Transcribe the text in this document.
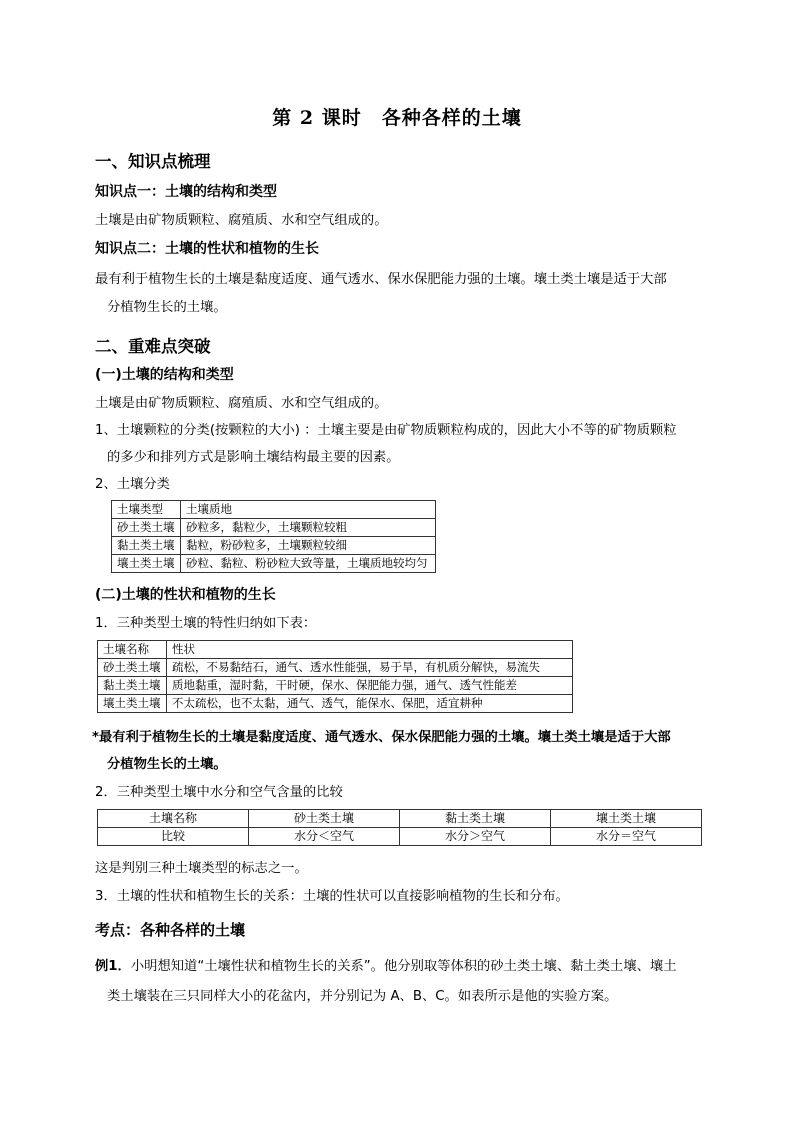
第 2 课时　各种各样的土壤
一、知识点梳理
知识点一：土壤的结构和类型
土壤是由矿物质颗粒、腐殖质、水和空气组成的。
知识点二：土壤的性状和植物的生长
最有利于植物生长的土壤是黏度适度、通气透水、保水保肥能力强的土壤。壤土类土壤是适于大部
分植物生长的土壤。
二、重难点突破
(一)土壤的结构和类型
土壤是由矿物质颗粒、腐殖质、水和空气组成的。
1、土壤颗粒的分类(按颗粒的大小) ：土壤主要是由矿物质颗粒构成的，因此大小不等的矿物质颗粒
的多少和排列方式是影响土壤结构最主要的因素。
2、土壤分类
土壤类型	土壤质地
砂土类土壤	砂粒多，黏粒少，土壤颗粒较粗
黏土类土壤	黏粒，粉砂粒多，土壤颗粒较细
壤土类土壤	砂粒、黏粒、粉砂粒大致等量，土壤质地较均匀
(二)土壤的性状和植物的生长
1．三种类型土壤的特性归纳如下表：
土壤名称	性状
砂土类土壤	疏松，不易黏结石，通气、透水性能强，易于旱，有机质分解快，易流失
黏土类土壤	质地黏重，湿时黏，干时硬，保水、保肥能力强，通气、透气性能差
壤土类土壤	不太疏松，也不太黏，通气、透气，能保水、保肥，适宜耕种
*最有利于植物生长的土壤是黏度适度、通气透水、保水保肥能力强的土壤。壤土类土壤是适于大部
分植物生长的土壤。
2．三种类型土壤中水分和空气含量的比较
土壤名称	砂土类土壤	黏土类土壤	壤土类土壤
比较	水分＜空气	水分＞空气	水分＝空气
这是判别三种土壤类型的标志之一。
3．土壤的性状和植物生长的关系：土壤的性状可以直接影响植物的生长和分布。
考点：各种各样的土壤
例1．小明想知道“土壤性状和植物生长的关系”。他分别取等体积的砂土类土壤、黏土类土壤、壤土
类土壤装在三只同样大小的花盆内，并分别记为 A、B、C。如表所示是他的实验方案。
